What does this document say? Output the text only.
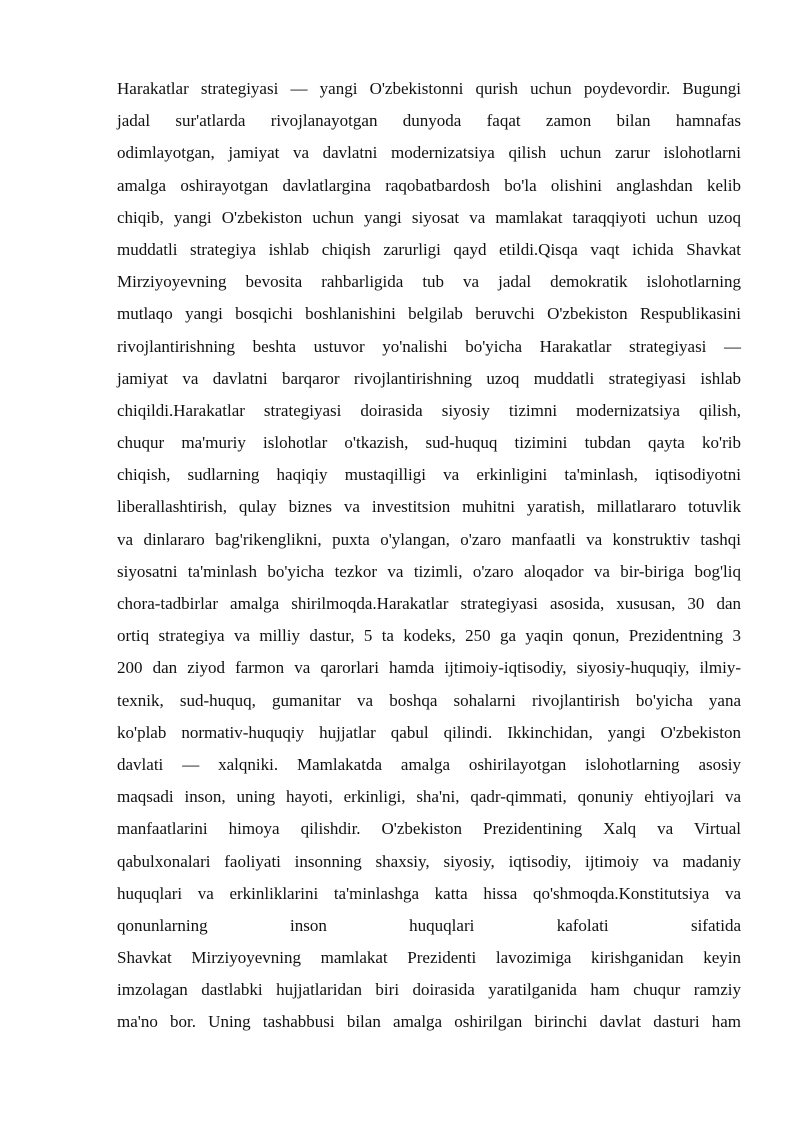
Harakatlar strategiyasi — yangi O'zbekistonni qurish uchun poydevordir. Bugungi
jadal sur'atlarda rivojlanayotgan dunyoda faqat zamon bilan hamnafas
odimlayotgan, jamiyat va davlatni modernizatsiya qilish uchun zarur islohotlarni
amalga oshirayotgan davlatlargina raqobatbardosh bo'la olishini anglashdan kelib
chiqib, yangi O'zbekiston uchun yangi siyosat va mamlakat taraqqiyoti uchun uzoq
muddatli strategiya ishlab chiqish zarurligi qayd etildi.Qisqa vaqt ichida Shavkat
Mirziyoyevning bevosita rahbarligida tub va jadal demokratik islohotlarning
mutlaqo yangi bosqichi boshlanishini belgilab beruvchi O'zbekiston Respublikasini
rivojlantirishning beshta ustuvor yo'nalishi bo'yicha Harakatlar strategiyasi —
jamiyat va davlatni barqaror rivojlantirishning uzoq muddatli strategiyasi ishlab
chiqildi.Harakatlar strategiyasi doirasida siyosiy tizimni modernizatsiya qilish,
chuqur ma'muriy islohotlar o'tkazish, sud-huquq tizimini tubdan qayta ko'rib
chiqish, sudlarning haqiqiy mustaqilligi va erkinligini ta'minlash, iqtisodiyotni
liberallashtirish, qulay biznes va investitsion muhitni yaratish, millatlararo totuvlik
va dinlararo bag'rikenglikni, puxta o'ylangan, o'zaro manfaatli va konstruktiv tashqi
siyosatni ta'minlash bo'yicha tezkor va tizimli, o'zaro aloqador va bir-biriga bog'liq
chora-tadbirlar amalga shirilmoqda.Harakatlar strategiyasi asosida, xususan, 30 dan
ortiq strategiya va milliy dastur, 5 ta kodeks, 250 ga yaqin qonun, Prezidentning 3
200 dan ziyod farmon va qarorlari hamda ijtimoiy-iqtisodiy, siyosiy-huquqiy, ilmiy-
texnik, sud-huquq, gumanitar va boshqa sohalarni rivojlantirish bo'yicha yana
ko'plab normativ-huquqiy hujjatlar qabul qilindi. Ikkinchidan, yangi O'zbekiston
davlati — xalqniki. Mamlakatda amalga oshirilayotgan islohotlarning asosiy
maqsadi inson, uning hayoti, erkinligi, sha'ni, qadr-qimmati, qonuniy ehtiyojlari va
manfaatlarini himoya qilishdir. O'zbekiston Prezidentining Xalq va Virtual
qabulxonalari faoliyati insonning shaxsiy, siyosiy, iqtisodiy, ijtimoiy va madaniy
huquqlari va erkinliklarini ta'minlashga katta hissa qo'shmoqda.Konstitutsiya va
qonunlarning inson huquqlari kafolati sifatida
Shavkat Mirziyoyevning mamlakat Prezidenti lavozimiga kirishganidan keyin
imzolagan dastlabki hujjatlaridan biri doirasida yaratilganida ham chuqur ramziy
ma'no bor. Uning tashabbusi bilan amalga oshirilgan birinchi davlat dasturi ham
